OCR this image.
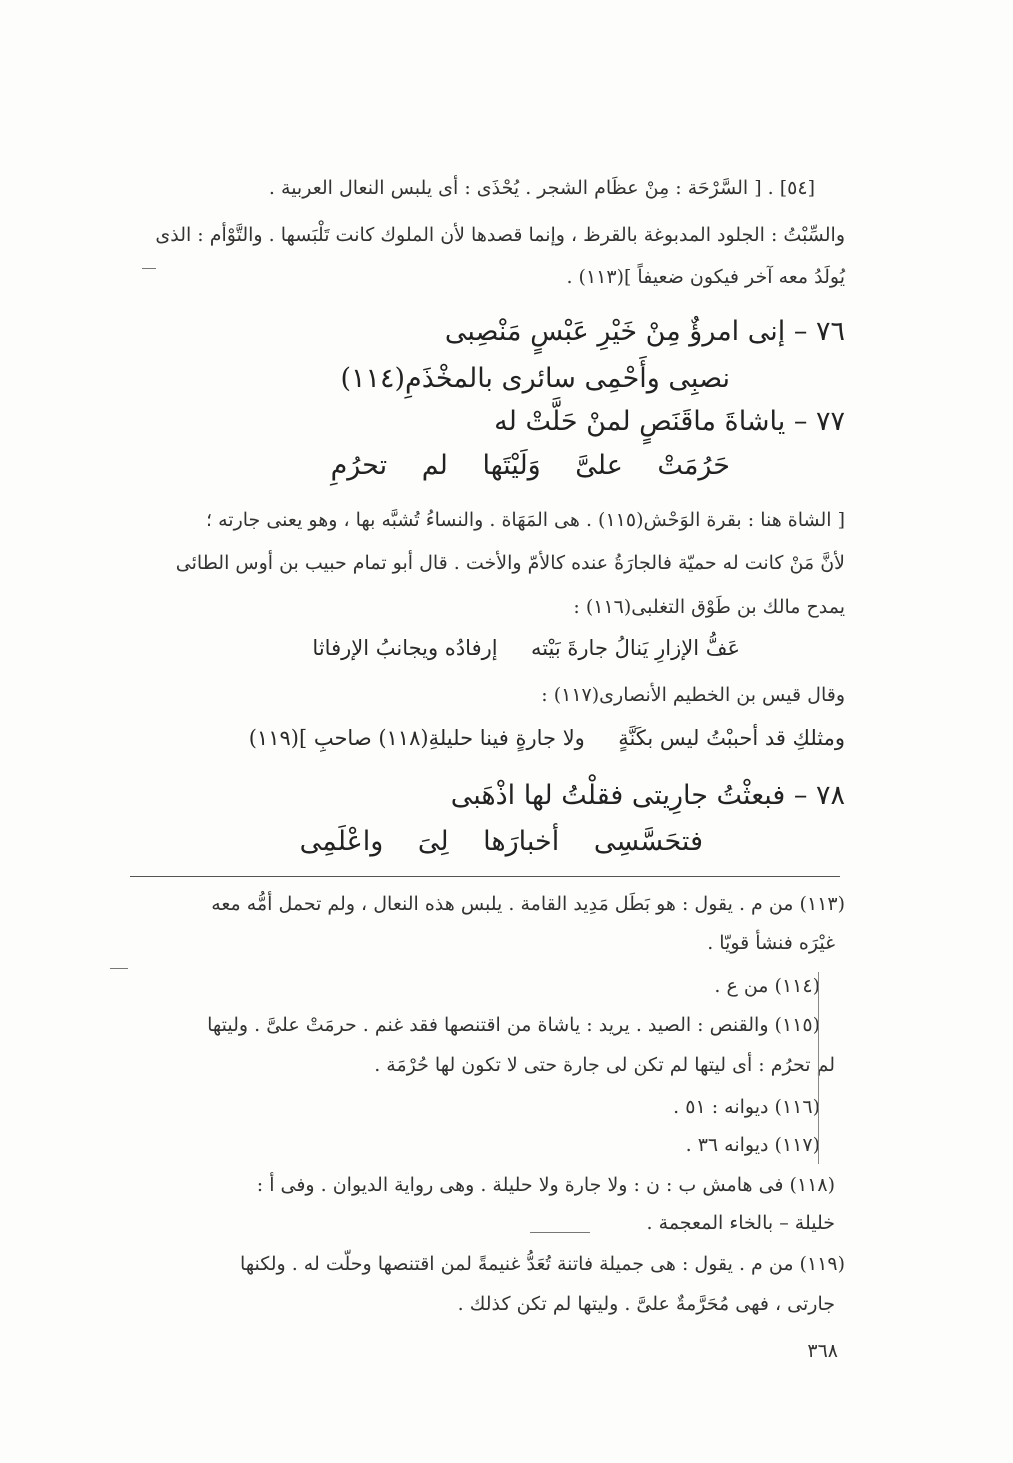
[٥٤] . [ السَّرْحَة : مِنْ عظَام الشجر . يُحْذَى : أى يلبس النعال العربية .
والسِّبْتُ : الجلود المدبوغة بالقرظ ، وإنما قصدها لأن الملوك كانت تَلْبَسها . والتَّوْأم : الذى
يُولَدُ معه آخر فيكون ضعيفاً ](١١٣) .
٧٦ – إنى امرؤٌ مِنْ خَيْرِ عَبْسٍ مَنْصِبى
نصبِى وأَحْمِى سائرى بالمخْذَمِ(١١٤)
٧٧ – ياشاةَ ماقَنَصٍ لمنْ حَلَّتْ له
حَرُمَتْ علىَّ وَلَيْتَها لم تحرُمِ
[ الشاة هنا : بقرة الوَحْش(١١٥) . هى المَهَاة . والنساءُ تُشبَّه بها ، وهو يعنى جارته ؛
لأنَّ مَنْ كانت له حميّة فالجارَةُ عنده كالأمّ والأخت . قال أبو تمام حبيب بن أوس الطائى
يمدح مالك بن طَوْق التغلبى(١١٦) :
عَفُّ الإزارِ يَنالُ جارةَ بَيْته     إرفادُه ويجانبُ الإرفاثا
وقال قيس بن الخطيم الأنصارى(١١٧) :
ومثلكِ قد أحببْتُ ليس بكَنَّةٍ     ولا جارةٍ فينا حليلةِ(١١٨) صاحبِ ](١١٩)
٧٨ – فبعثْتُ جارِيتى فقلْتُ لها اذْهَبى
فتحَسَّسِى أخبارَها لِىَ واعْلَمِى
(١١٣) من م . يقول : هو بَطَل مَدِيد القامة . يلبس هذه النعال ، ولم تحمل أمُّه معه
غيْرَه فنشأ قويّا .
(١١٤) من ع .
(١١٥) والقنص : الصيد . يريد : ياشاة من اقتنصها فقد غنم . حرمَتْ علىَّ . وليتها
لم تحرُم : أى ليتها لم تكن لى جارة حتى لا تكون لها حُرْمَة .
(١١٦) ديوانه : ٥١ .
(١١٧) ديوانه ٣٦ .
(١١٨) فى هامش ب : ن : ولا جارة ولا حليلة . وهى رواية الديوان . وفى أ :
خليلة – بالخاء المعجمة .
(١١٩) من م . يقول : هى جميلة فاتنة تُعَدُّ غنيمةً لمن اقتنصها وحلّت له . ولكنها
جارتى ، فهى مُحَرَّمةٌ علىَّ . وليتها لم تكن كذلك .
٣٦٨
